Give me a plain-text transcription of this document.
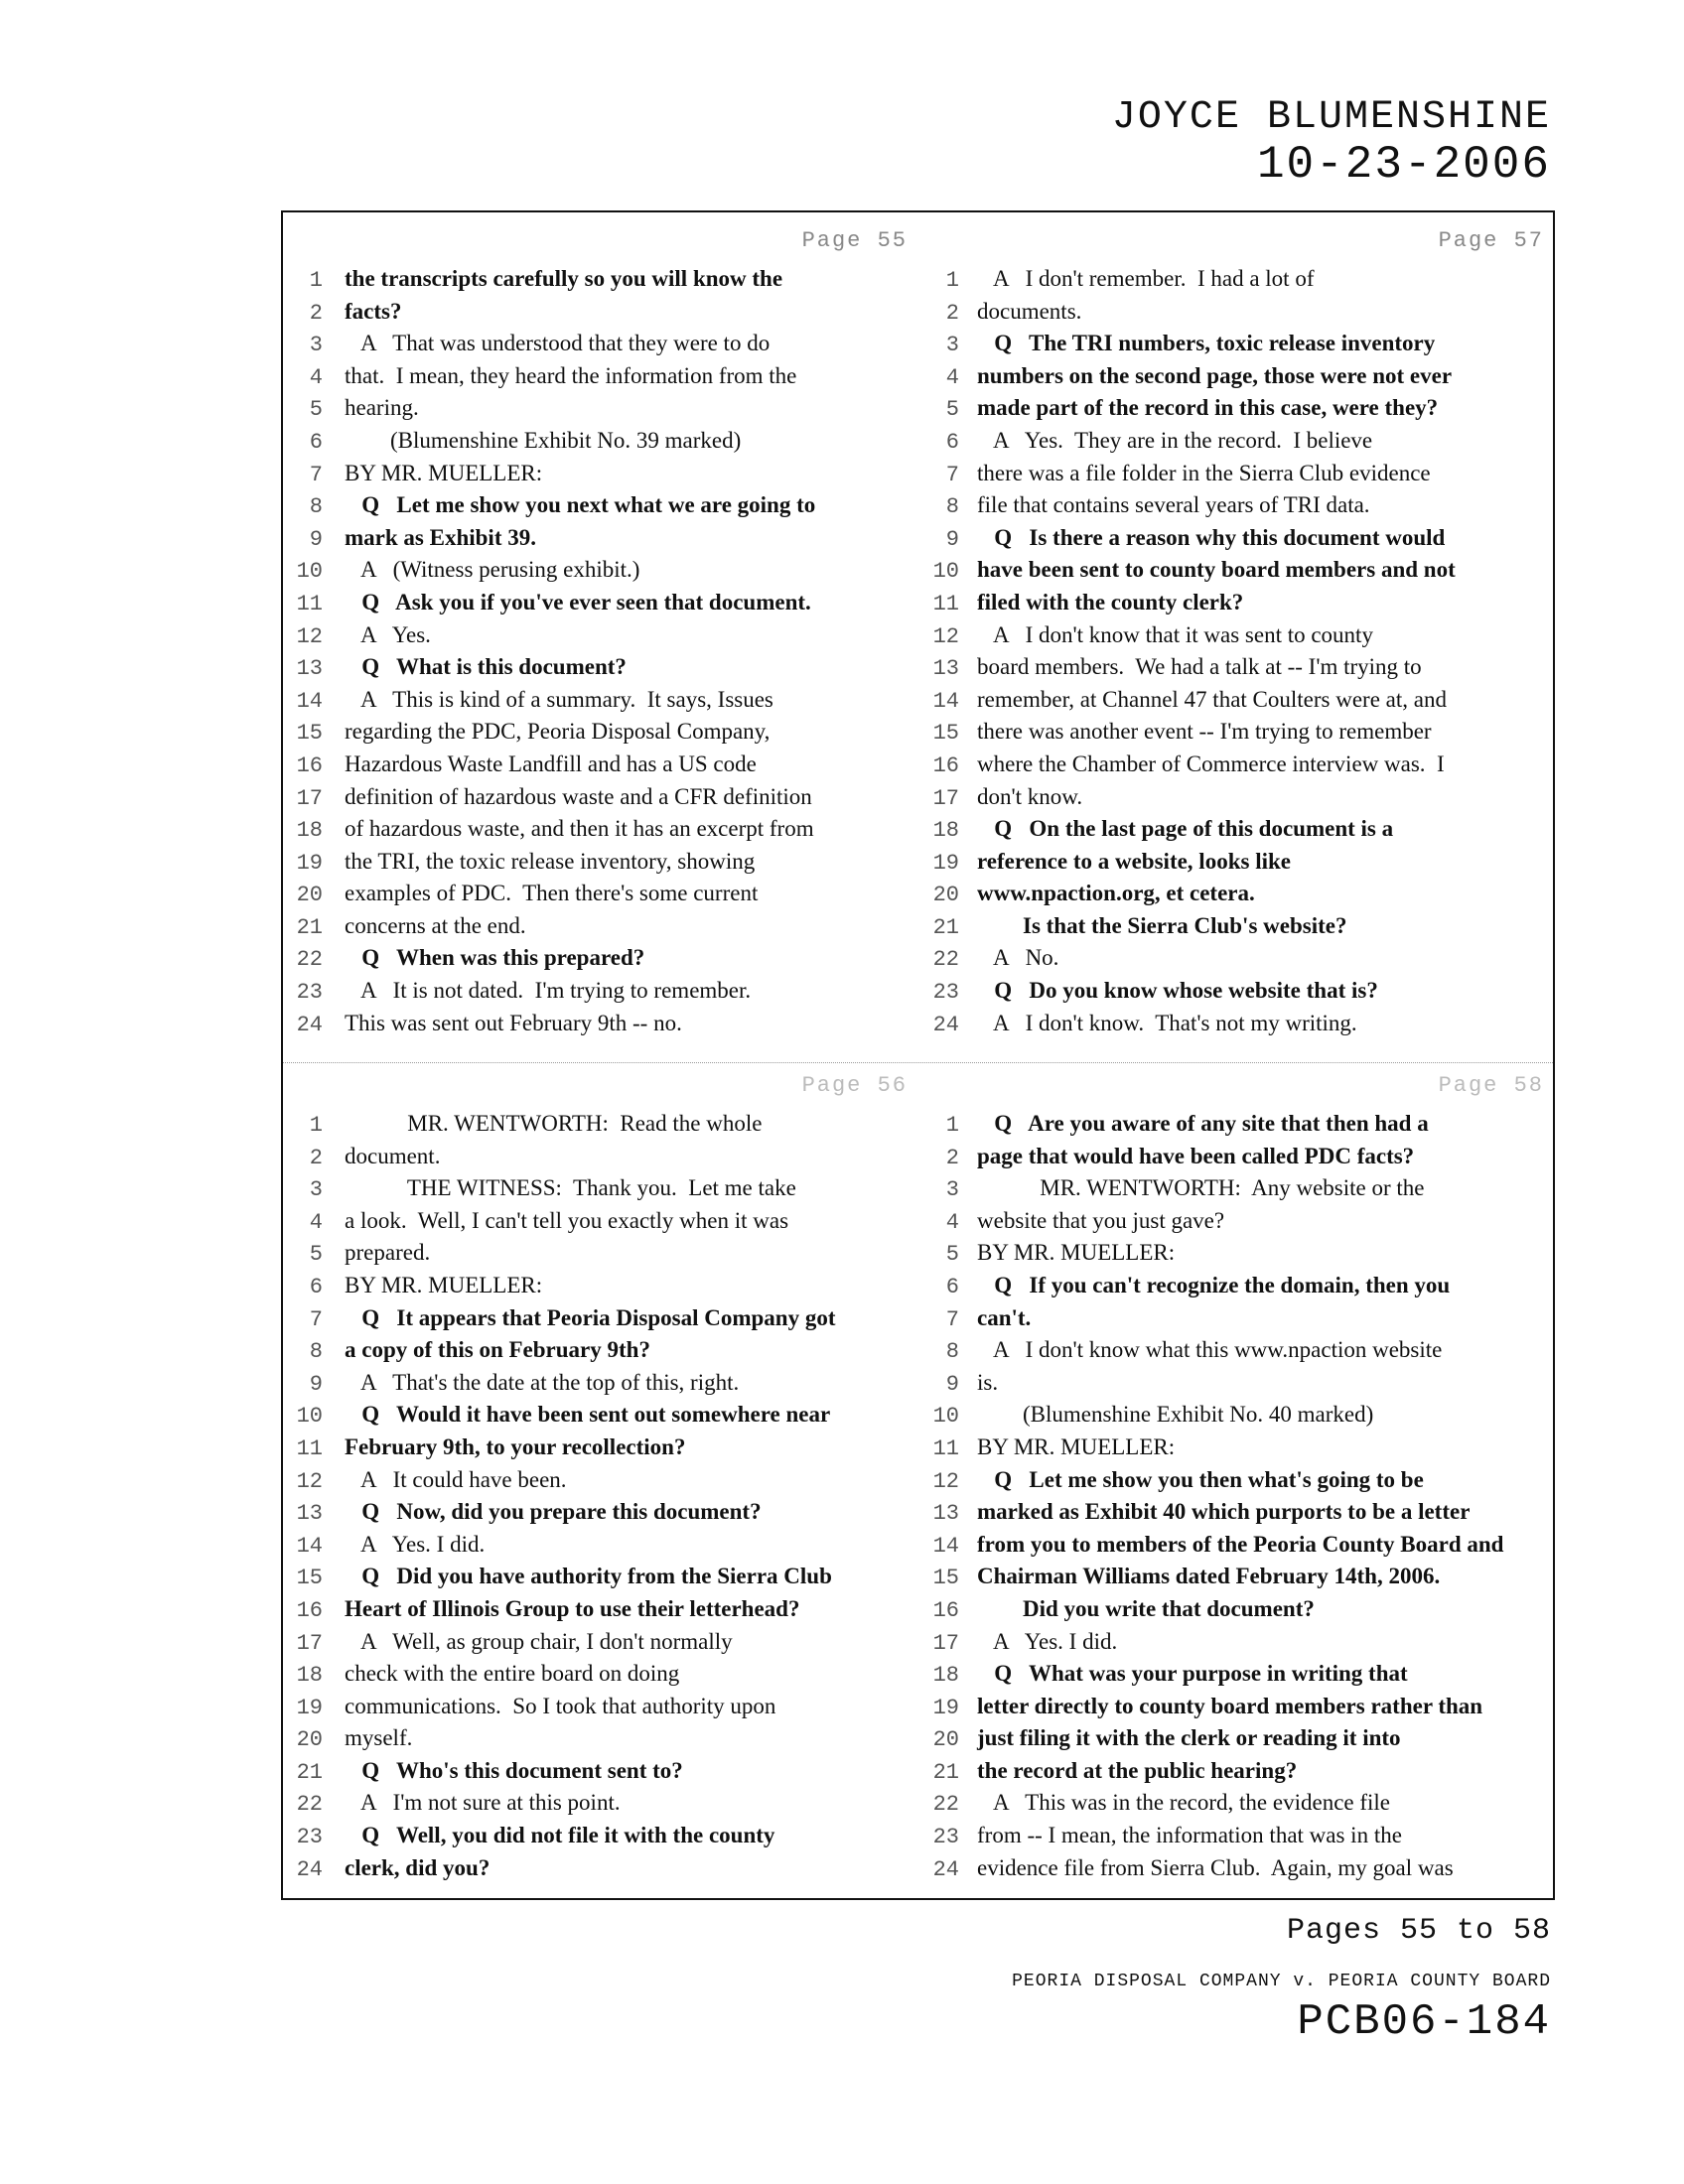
JOYCE BLUMENSHINE
10-23-2006
Page 55
1 the transcripts carefully so you will know the
2 facts?
3 A   That was understood that they were to do
4 that.  I mean, they heard the information from the
5 hearing.
6 (Blumenshine Exhibit No. 39 marked)
7 BY MR. MUELLER:
8 Q   Let me show you next what we are going to
9 mark as Exhibit 39.
10 A   (Witness perusing exhibit.)
11 Q   Ask you if you've ever seen that document.
12 A   Yes.
13 Q   What is this document?
14 A   This is kind of a summary.  It says, Issues
15 regarding the PDC, Peoria Disposal Company,
16 Hazardous Waste Landfill and has a US code
17 definition of hazardous waste and a CFR definition
18 of hazardous waste, and then it has an excerpt from
19 the TRI, the toxic release inventory, showing
20 examples of PDC.  Then there's some current
21 concerns at the end.
22 Q   When was this prepared?
23 A   It is not dated.  I'm trying to remember.
24 This was sent out February 9th -- no.
Page 57
1 A   I don't remember.  I had a lot of
2 documents.
3 Q   The TRI numbers, toxic release inventory
4 numbers on the second page, those were not ever
5 made part of the record in this case, were they?
6 A   Yes.  They are in the record.  I believe
7 there was a file folder in the Sierra Club evidence
8 file that contains several years of TRI data.
9 Q   Is there a reason why this document would
10 have been sent to county board members and not
11 filed with the county clerk?
12 A   I don't know that it was sent to county
13 board members.  We had a talk at -- I'm trying to
14 remember, at Channel 47 that Coulters were at, and
15 there was another event -- I'm trying to remember
16 where the Chamber of Commerce interview was.  I
17 don't know.
18 Q   On the last page of this document is a
19 reference to a website, looks like
20 www.npaction.org, et cetera.
21 Is that the Sierra Club's website?
22 A   No.
23 Q   Do you know whose website that is?
24 A   I don't know.  That's not my writing.
Page 56
1 MR. WENTWORTH:  Read the whole
2 document.
3 THE WITNESS:  Thank you.  Let me take
4 a look.  Well, I can't tell you exactly when it was
5 prepared.
6 BY MR. MUELLER:
7 Q   It appears that Peoria Disposal Company got
8 a copy of this on February 9th?
9 A   That's the date at the top of this, right.
10 Q   Would it have been sent out somewhere near
11 February 9th, to your recollection?
12 A   It could have been.
13 Q   Now, did you prepare this document?
14 A   Yes. I did.
15 Q   Did you have authority from the Sierra Club
16 Heart of Illinois Group to use their letterhead?
17 A   Well, as group chair, I don't normally
18 check with the entire board on doing
19 communications.  So I took that authority upon
20 myself.
21 Q   Who's this document sent to?
22 A   I'm not sure at this point.
23 Q   Well, you did not file it with the county
24 clerk, did you?
Page 58
1 Q   Are you aware of any site that then had a
2 page that would have been called PDC facts?
3 MR. WENTWORTH:  Any website or the
4 website that you just gave?
5 BY MR. MUELLER:
6 Q   If you can't recognize the domain, then you
7 can't.
8 A   I don't know what this www.npaction website
9 is.
10 (Blumenshine Exhibit No. 40 marked)
11 BY MR. MUELLER:
12 Q   Let me show you then what's going to be
13 marked as Exhibit 40 which purports to be a letter
14 from you to members of the Peoria County Board and
15 Chairman Williams dated February 14th, 2006.
16 Did you write that document?
17 A   Yes. I did.
18 Q   What was your purpose in writing that
19 letter directly to county board members rather than
20 just filing it with the clerk or reading it into
21 the record at the public hearing?
22 A   This was in the record, the evidence file
23 from -- I mean, the information that was in the
24 evidence file from Sierra Club.  Again, my goal was
Pages 55 to 58
PEORIA DISPOSAL COMPANY v. PEORIA COUNTY BOARD
PCB06-184
